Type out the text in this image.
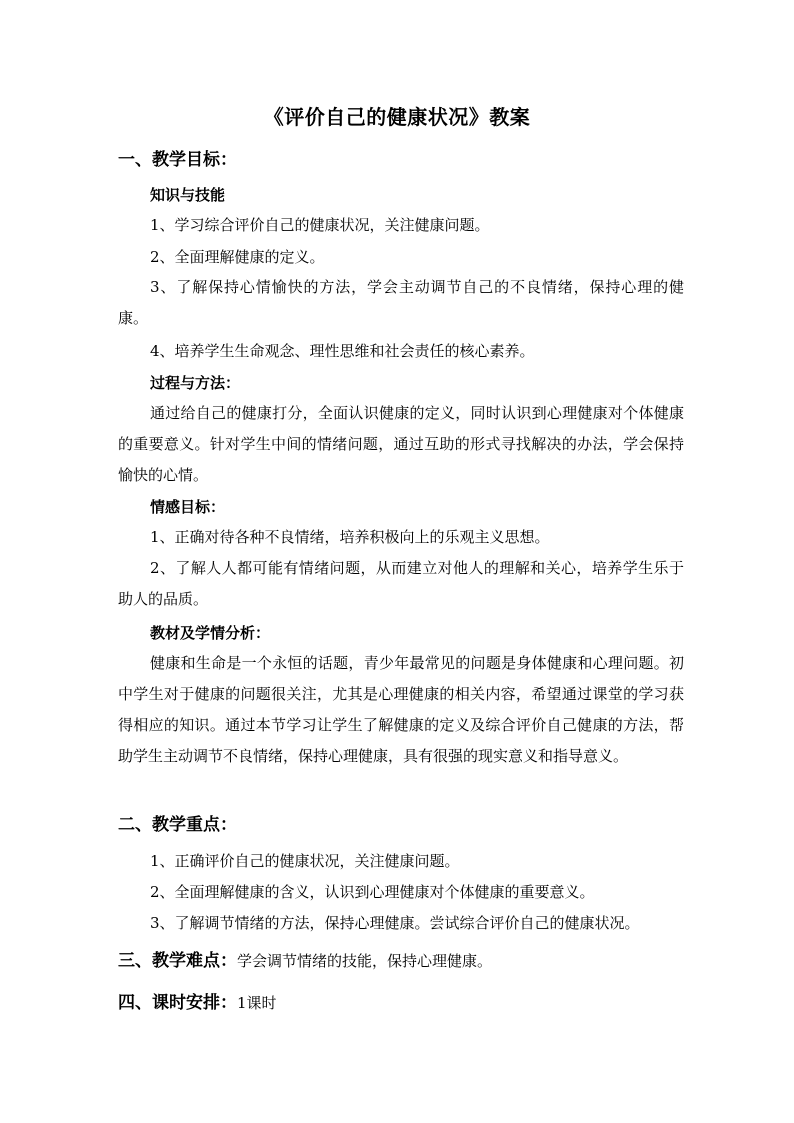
《评价自己的健康状况》教案
一、教学目标：
知识与技能
1、学习综合评价自己的健康状况，关注健康问题。
2、全面理解健康的定义。
3、了解保持心情愉快的方法，学会主动调节自己的不良情绪，保持心理的健康。
4、培养学生生命观念、理性思维和社会责任的核心素养。
过程与方法：
通过给自己的健康打分，全面认识健康的定义，同时认识到心理健康对个体健康的重要意义。针对学生中间的情绪问题，通过互助的形式寻找解决的办法，学会保持愉快的心情。
情感目标：
1、正确对待各种不良情绪，培养积极向上的乐观主义思想。
2、了解人人都可能有情绪问题，从而建立对他人的理解和关心，培养学生乐于助人的品质。
教材及学情分析：
健康和生命是一个永恒的话题，青少年最常见的问题是身体健康和心理问题。初中学生对于健康的问题很关注，尤其是心理健康的相关内容，希望通过课堂的学习获得相应的知识。通过本节学习让学生了解健康的定义及综合评价自己健康的方法，帮助学生主动调节不良情绪，保持心理健康，具有很强的现实意义和指导意义。
二、教学重点：
1、正确评价自己的健康状况，关注健康问题。
2、全面理解健康的含义，认识到心理健康对个体健康的重要意义。
3、了解调节情绪的方法，保持心理健康。尝试综合评价自己的健康状况。
三、教学难点：学会调节情绪的技能，保持心理健康。
四、课时安排：1课时
